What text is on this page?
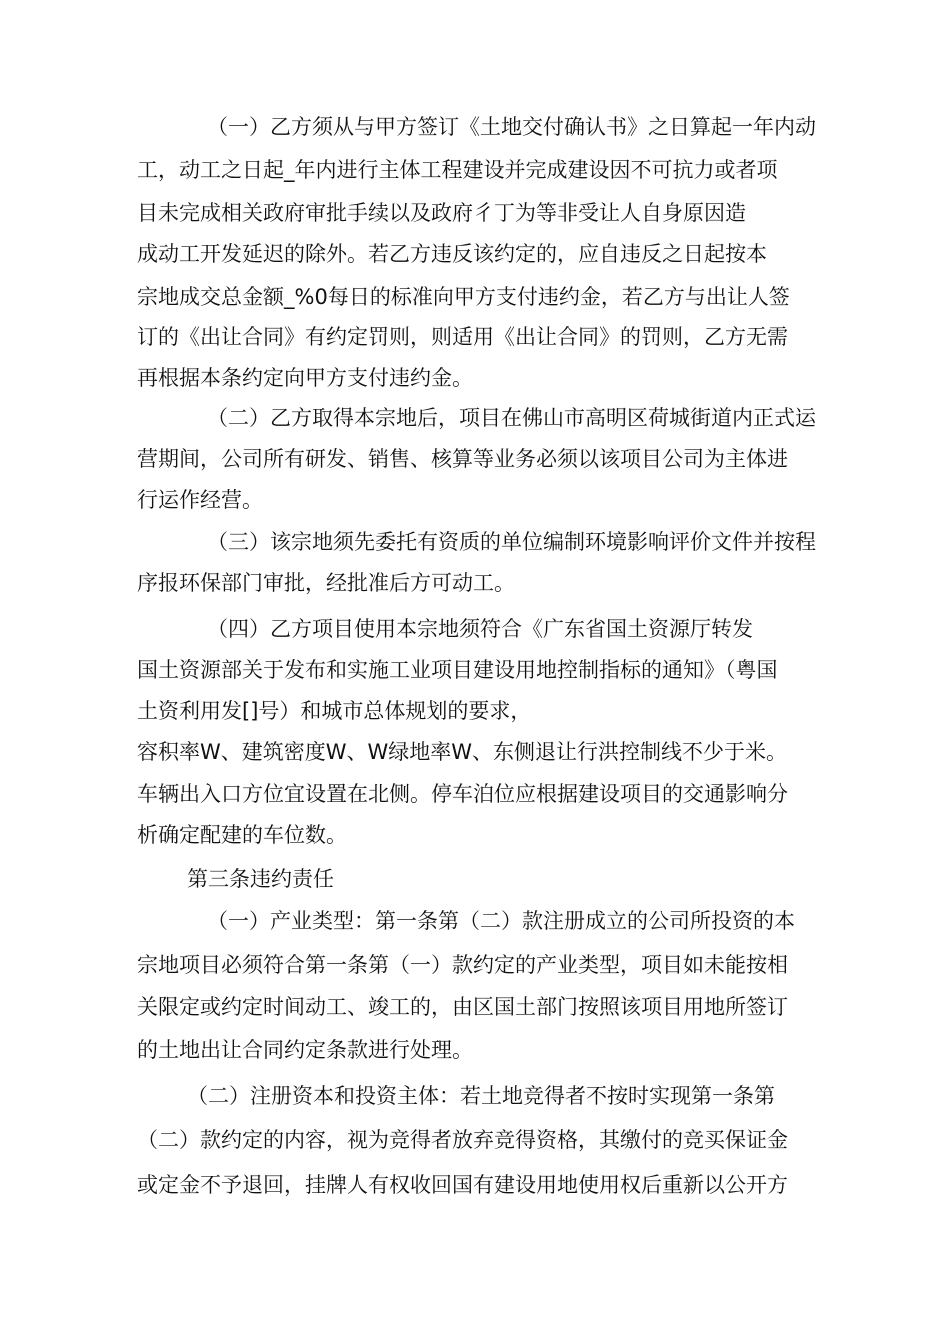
（一）乙方须从与甲方签订《土地交付确认书》之日算起一年内动
工，动工之日起_年内进行主体工程建设并完成建设因不可抗力或者项
目未完成相关政府审批手续以及政府彳丁为等非受让人自身原因造
成动工开发延迟的除外。若乙方违反该约定的，应自违反之日起按本
宗地成交总金额_%0每日的标准向甲方支付违约金，若乙方与出让人签
订的《出让合同》有约定罚则，则适用《出让合同》的罚则，乙方无需
再根据本条约定向甲方支付违约金。
（二）乙方取得本宗地后，项目在佛山市高明区荷城街道内正式运
营期间，公司所有研发、销售、核算等业务必须以该项目公司为主体进
行运作经营。
（三）该宗地须先委托有资质的单位编制环境影响评价文件并按程
序报环保部门审批，经批准后方可动工。
（四）乙方项目使用本宗地须符合《广东省国土资源厅转发
国土资源部关于发布和实施工业项目建设用地控制指标的通知》（粤国
土资利用发[]号）和城市总体规划的要求，
容积率W、建筑密度W、W绿地率W、东侧退让行洪控制线不少于米。
车辆出入口方位宜设置在北侧。停车泊位应根据建设项目的交通影响分
析确定配建的车位数。
第三条违约责任
（一）产业类型：第一条第（二）款注册成立的公司所投资的本
宗地项目必须符合第一条第（一）款约定的产业类型，项目如未能按相
关限定或约定时间动工、竣工的，由区国土部门按照该项目用地所签订
的土地出让合同约定条款进行处理。
（二）注册资本和投资主体：若土地竞得者不按时实现第一条第
（二）款约定的内容，视为竞得者放弃竞得资格，其缴付的竞买保证金
或定金不予退回，挂牌人有权收回国有建设用地使用权后重新以公开方
